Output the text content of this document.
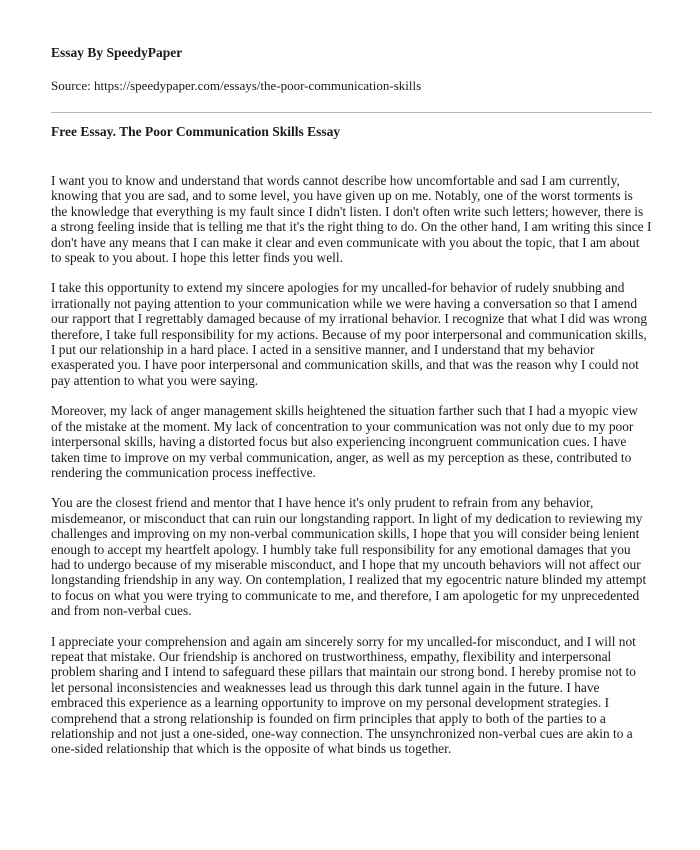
Essay By SpeedyPaper
Source: https://speedypaper.com/essays/the-poor-communication-skills
Free Essay. The Poor Communication Skills Essay

I want you to know and understand that words cannot describe how uncomfortable and sad I am currently, knowing that you are sad, and to some level, you have given up on me. Notably, one of the worst torments is the knowledge that everything is my fault since I didn't listen. I don't often write such letters; however, there is a strong feeling inside that is telling me that it's the right thing to do. On the other hand, I am writing this since I don't have any means that I can make it clear and even communicate with you about the topic, that I am about to speak to you about. I hope this letter finds you well.

I take this opportunity to extend my sincere apologies for my uncalled-for behavior of rudely snubbing and irrationally not paying attention to your communication while we were having a conversation so that I amend our rapport that I regrettably damaged because of my irrational behavior. I recognize that what I did was wrong therefore, I take full responsibility for my actions. Because of my poor interpersonal and communication skills, I put our relationship in a hard place. I acted in a sensitive manner, and I understand that my behavior exasperated you. I have poor interpersonal and communication skills, and that was the reason why I could not pay attention to what you were saying.

Moreover, my lack of anger management skills heightened the situation farther such that I had a myopic view of the mistake at the moment. My lack of concentration to your communication was not only due to my poor interpersonal skills, having a distorted focus but also experiencing incongruent communication cues. I have taken time to improve on my verbal communication, anger, as well as my perception as these, contributed to rendering the communication process ineffective.

You are the closest friend and mentor that I have hence it's only prudent to refrain from any behavior, misdemeanor, or misconduct that can ruin our longstanding rapport. In light of my dedication to reviewing my challenges and improving on my non-verbal communication skills, I hope that you will consider being lenient enough to accept my heartfelt apology. I humbly take full responsibility for any emotional damages that you had to undergo because of my miserable misconduct, and I hope that my uncouth behaviors will not affect our longstanding friendship in any way. On contemplation, I realized that my egocentric nature blinded my attempt to focus on what you were trying to communicate to me, and therefore, I am apologetic for my unprecedented and from non-verbal cues.

I appreciate your comprehension and again am sincerely sorry for my uncalled-for misconduct, and I will not repeat that mistake. Our friendship is anchored on trustworthiness, empathy, flexibility and interpersonal problem sharing and I intend to safeguard these pillars that maintain our strong bond. I hereby promise not to let personal inconsistencies and weaknesses lead us through this dark tunnel again in the future. I have embraced this experience as a learning opportunity to improve on my personal development strategies. I comprehend that a strong relationship is founded on firm principles that apply to both of the parties to a relationship and not just a one-sided, one-way connection. The unsynchronized non-verbal cues are akin to a one-sided relationship that which is the opposite of what binds us together.
